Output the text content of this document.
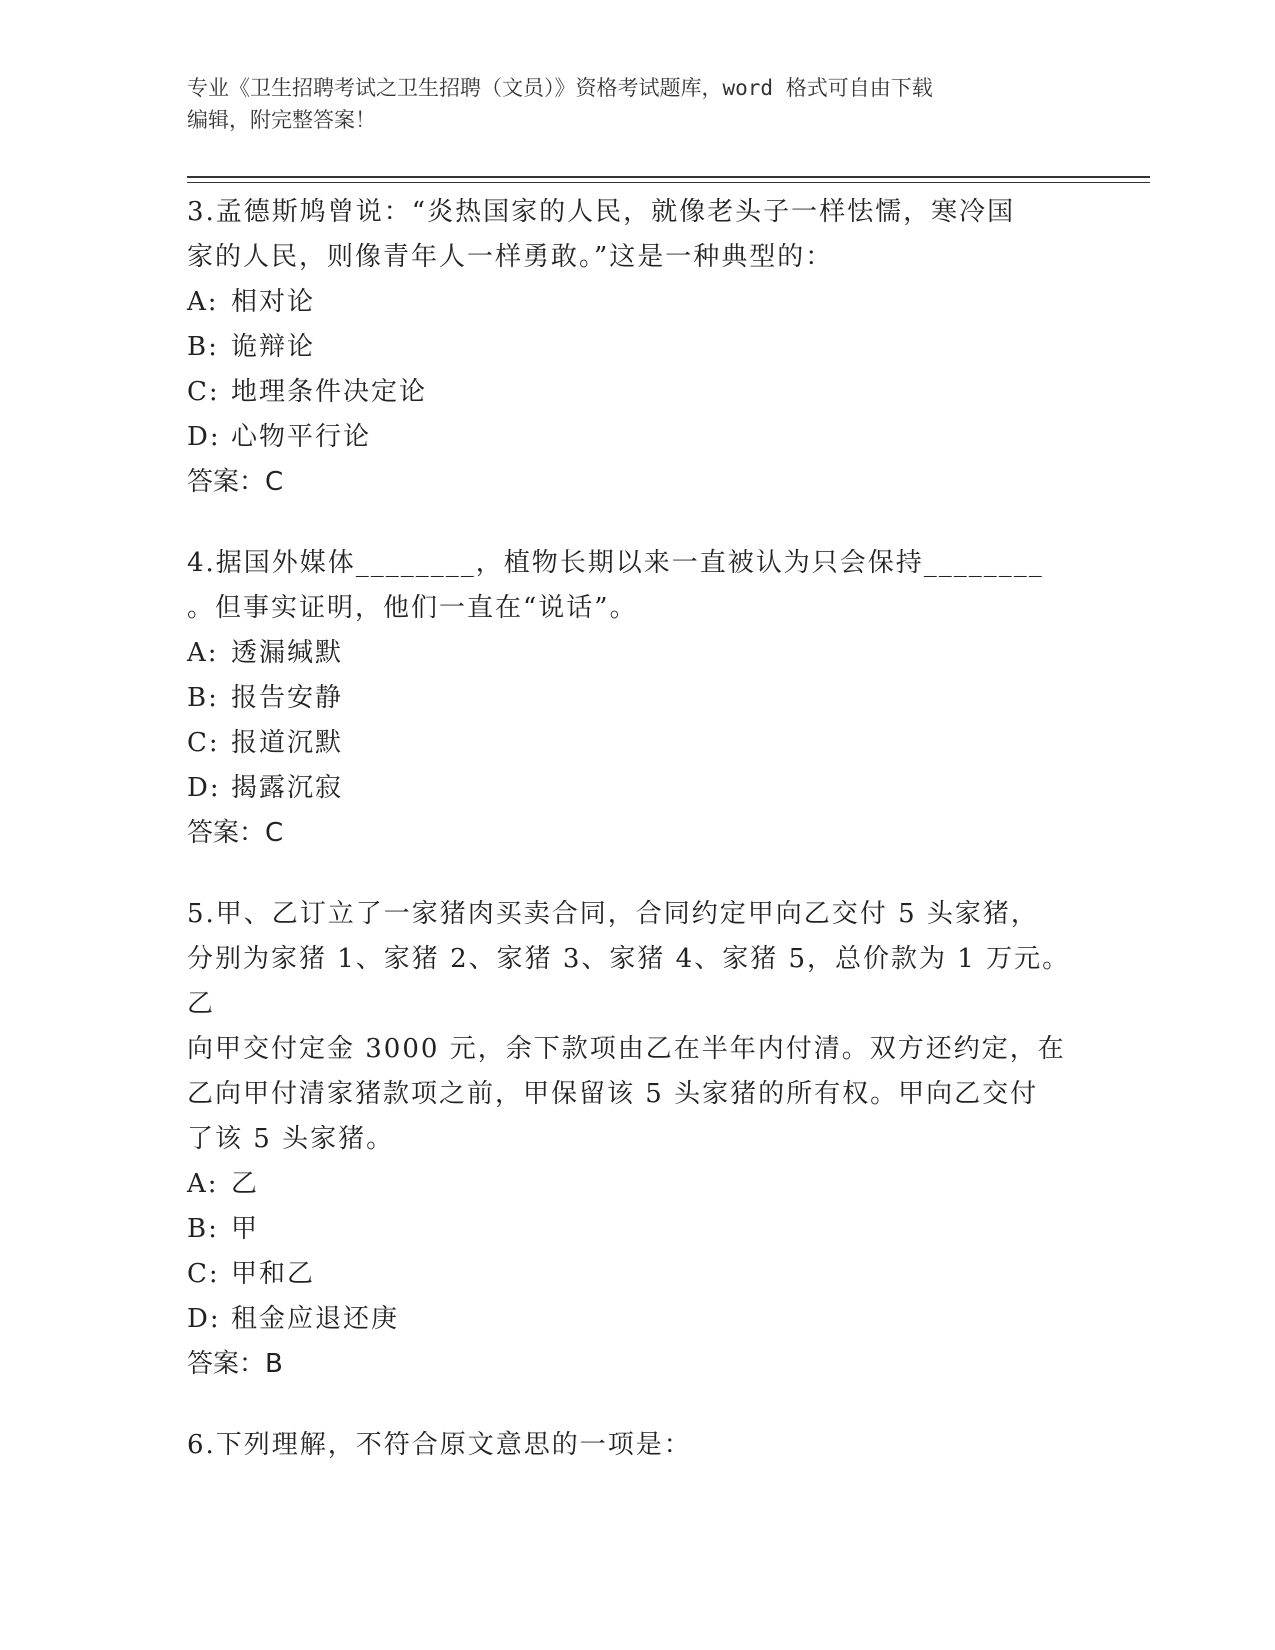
专业《卫生招聘考试之卫生招聘（文员）》资格考试题库，word 格式可自由下载
编辑，附完整答案！

3.孟德斯鸠曾说：“炎热国家的人民，就像老头子一样怯懦，寒冷国

家的人民，则像青年人一样勇敢。”这是一种典型的：

A: 相对论

B: 诡辩论

C: 地理条件决定论

D: 心物平行论

答案：C

4.据国外媒体________，植物长期以来一直被认为只会保持________

。但事实证明，他们一直在“说话”。

A: 透漏缄默

B: 报告安静

C: 报道沉默

D: 揭露沉寂

答案：C

5.甲、乙订立了一家猪肉买卖合同，合同约定甲向乙交付 5 头家猪，

分别为家猪 1、家猪 2、家猪 3、家猪 4、家猪 5，总价款为 1 万元。乙

向甲交付定金 3000 元，余下款项由乙在半年内付清。双方还约定，在

乙向甲付清家猪款项之前，甲保留该 5 头家猪的所有权。甲向乙交付

了该 5 头家猪。

A: 乙

B: 甲

C: 甲和乙

D: 租金应退还庚

答案：B

6.下列理解，不符合原文意思的一项是：
